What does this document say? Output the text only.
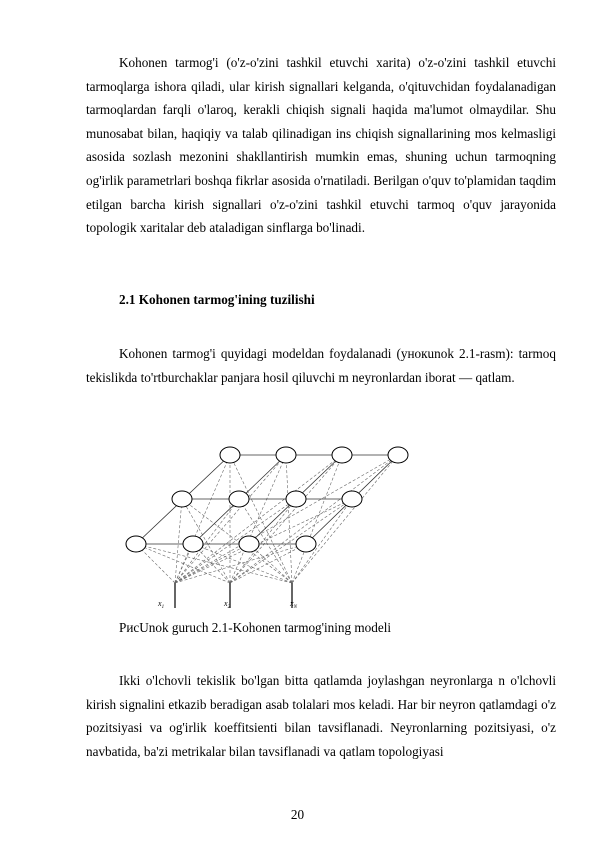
Kohonen tarmog'i (o'z-o'zini tashkil etuvchi xarita) o'z-o'zini tashkil etuvchi tarmoqlarga ishora qiladi, ular kirish signallari kelganda, o'qituvchidan foydalanadigan tarmoqlardan farqli o'laroq, kerakli chiqish signali haqida ma'lumot olmaydilar. Shu munosabat bilan, haqiqiy va talab qilinadigan ins chiqish signallarining mos kelmasligi asosida sozlash mezonini shakllantirish mumkin emas, shuning uchun tarmoqning og'irlik parametrlari boshqa fikrlar asosida o'rnatiladi. Berilgan o'quv to'plamidan taqdim etilgan barcha kirish signallari o'z-o'zini tashkil etuvchi tarmoq o'quv jarayonida topologik xaritalar deb ataladigan sinflarga bo'linadi.

2.1 Kohonen tarmog'ining tuzilishi

Kohonen tarmog'i quyidagi modeldan foydalanadi (унокunok 2.1-rasm): tarmoq tekislikda to'rtburchaklar panjara hosil qiluvchi m neyronlardan iborat — qatlam.

$x_1$	$x_2$	$x_N$

РисUnok guruch 2.1-Kohonen tarmog'ining modeli

Ikki o'lchovli tekislik bo'lgan bitta qatlamda joylashgan neyronlarga n o'lchovli kirish signalini etkazib beradigan asab tolalari mos keladi. Har bir neyron qatlamdagi o'z pozitsiyasi va og'irlik koeffitsienti bilan tavsiflanadi. Neyronlarning pozitsiyasi, o'z navbatida, ba'zi metrikalar bilan tavsiflanadi va qatlam topologiyasi

20
